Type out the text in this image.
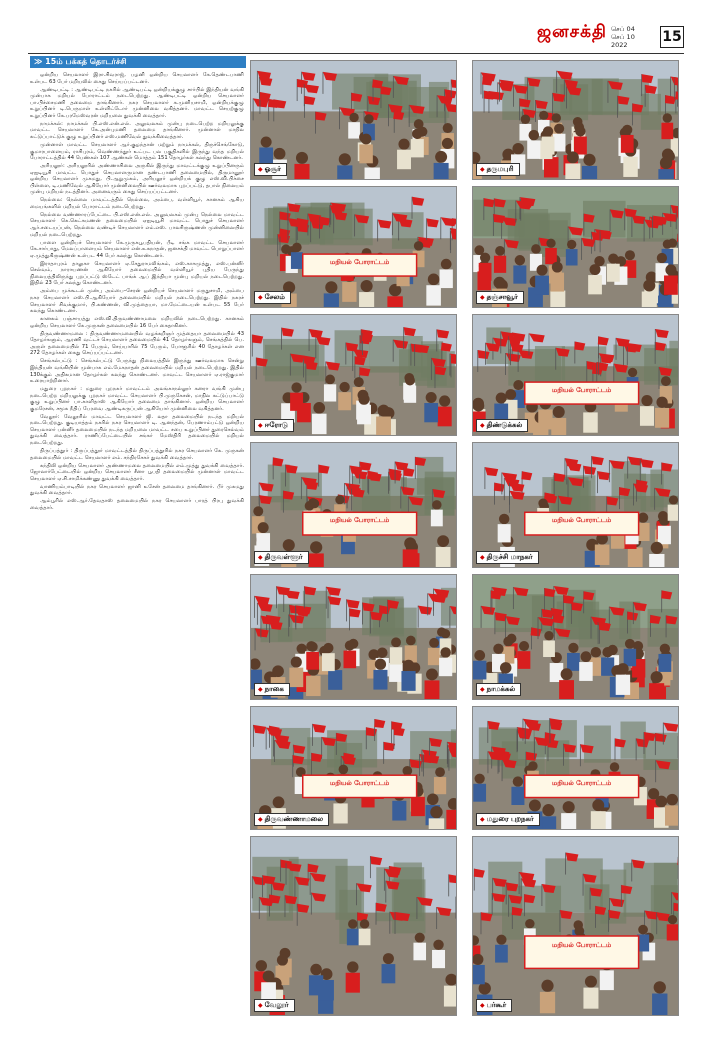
ஜனசக்தி செப் 04
செப் 10
2022	15
≫ 15ம் பக்கத் தொடர்ச்சி

ஒன்றிய செயலாளர் இரா.சிவராஜ், பழனி ஒன்றிய செயலாளர் கே.தெண்டபாணி உள்பட 63 பேர் மறியலில் கைது செய்யப்பட்டனர்.

ஆண்டிபட்டி : ஆண்டிபட்டி நகரில் ஆண்டிபட்டி ஒன்றியக்குழு சார்பில் இந்தியன் வங்கி முன்பாக மறியல் போராட்டம் நடைபெற்றது. ஆண்டிபட்டி ஒன்றிய செயலாளர் பா.பிச்சைமணி தலைமை தாங்கினார். நகர செயலாளர் க.முனியசாமி, ஒன்றியக்குழு உறுப்பினர் டி.பெருமாள் உள்ளிட்டோர் முன்னிலை வகித்தனர். மாவட்ட செயற்குழு உறுப்பினர் கே.பரமேஸ்வரன் மறியலை துவக்கி வைத்தார்.

நாமக்கல்: நாமக்கல் பி.எஸ்.என்.எல். அலுவலகம் முன்பு நடைபெற்ற மறியலுக்கு மாவட்ட செயலாளர் கே.அன்புமணி தலைமை தாங்கினார். முன்னாள் மாநில கட்டுப்பாட்டுக் குழு உறுப்பினர் எஸ்.மணிவேல் துவக்கிவைத்தார்.

முன்னாள் மாவட்ட செயலாளர் ஆர்.குழந்தான் மற்றும் நாமக்கல், திருச்செங்கோடு, குமாரபாளையம், ராசிபுரம், வெண்ணந்தூர் உட்பட பல பகுதிகளில் இருந்து வந்த மறியல் போராட்டத்தில் 44 பெண்கள் 107 ஆண்கள் மொத்தம் 151 தோழர்கள் கலந்து கொண்டனர்.

அரியலூர்: அரியலூரில் அண்ணாசிலை அருகில் இருந்து மாவட்டக்குழு உறுப்பினரும் ஏஐடியூசி மாவட்ட பொதுச் செயலாளருமான தண்டபாணி தலைமையில், திருமானூர் ஒன்றிய செயலாளர் முகமது, பி.ஆறுமுகம், அரியலூர் ஒன்றியக் குழு எஸ்.வி.பிச்சை பிள்ளை, டி.மணிவேல் ஆகியோர் முன்னிலையில் ஊர்வலமாக புறப்பட்டு, தபால் நிலையம் முன்பு மறியல் நடத்தினர். அனைவரும் கைது செய்யப்பட்டனர்.

நெல்லை: நெல்லை மாவட்டத்தில் நெல்லை, அம்பை, வள்ளியூர், கானகம் ஆகிய மையங்களில் மறியல் போராட்டம் நடைபெற்றது.

நெல்லை வண்ணாரப்பேட்டை பி.எஸ்.என்.எல். அலுவலகம் முன்பு நெல்லை மாவட்ட செயலாளர் கெ.கெட்சுமணன் தலைமையில் ஏஐடியூசி மாவட்ட பொதுச் செயலாளர் ஆர்.சடையப்பன், நெல்லை வண்டிச் செயலாளர் எம்.எஸ். பாலசிருஷ்ணன் முன்னிலையில் மறியல் நடைபெற்றது.

பாளை ஒன்றியச் செயலாளர் கே.முருகபூபதியன், பீடி சங்க மாவட்ட செயலாளர் கே.சார்பாது, மேலப்பாளையம் செயலாளர் என்.உகநாதன், ஜனசக்தி மாவட்ட பொறுப்பாளர் ஏ.முத்துகிருஷ்ணன் உள்பட 44 பேர் கலந்து கொண்டனர்.

இராதாபுரம் தாலுகா செயலாளர் ஏ.சேதுராமலிங்கம், எஸ்.காசுமுத்து, எஸ்.பன்னீர் செல்வம், நாராயணன் ஆகியோர் தலைமையில் வள்ளியூர் புதிய பேருந்து நிலையத்திலிருந்து புறப்பட்டு ஸ்டேட் பாங்க் ஆப் இந்தியா முன்பு மறியல் நடைபெற்றது. இதில் 23 பேர் கலந்து கொண்டனர்.

அம்பை முக்கூடல் முன்பு அம்பை–சேரன் ஒன்றியச் செயலாளர் மருதுசாமி, அம்பை நகர செயலாளர் எஸ்.பி.ஆகியோர் தலைமையில் மறியல் நடைபெற்றது. இதில் நகரச் செயலாளர் சிவக்குமார், பி.கண்ணன், வி.முத்தையா, மா.மேட்டையன் உள்பட 55 பேர் கலந்து கொண்டனர்.

கானகம் பஞ்சாயத்து எஸ்.வி.திருவண்ணாமலை மறியலில் நடைபெற்றது. கானகம் ஒன்றிய செயலாளர் கே.முருகன் தலைமையில் 16 பேர் கைதாகினர்.

திருவண்ணாமலை : திருவண்ணாமலையில் வழக்கறிஞர் முத்தையா தலைமையில் 43 தோழர்களும், ஆரணி வட்டச் செயலாளர் தலைமையில் 41 தோழர்களும், செங்கத்தில் பெ. அருள் தலைமையில் 71 பேரும், செய்யாரில் 75 பேரும், போளூரில் 40 தோழர்கள் என 272 தோழர்கள் கைது செய்யப்பட்டனர்.

செங்கல்பட்டு : செங்கல்பட்டு பேருந்து நிலையத்தில் இருந்து ஊர்வலமாக சென்று இந்தியன் வங்கியின் முன்பாக எம்.மேகநாதன் தலைமையில் மறியல் நடைபெற்றது. இதில் 130க்கும் அதிகமான தோழர்கள் கலந்து கொண்டனர். மாவட்ட செயலாளர் ஏ.ராஜ்குமார் உரையாற்றினார்.

மதுரை புறநகர் : மதுரை புறநகர் மாவட்டம் அலங்காநல்லூர் கனரா வங்கி முன்பு நடைபெற்ற மறியலுக்கு புறநகர் மாவட்ட செயலாளர் பி.முருகேசன், மாநில கட்டுப்பாட்டு குழு உறுப்பினர் பா.காளிதாஸ் ஆகியோர் தலைமை தாங்கினார். ஒன்றிய செயலாளர் குமரேசன், சமூக நீதிப் பேரவை ஆண்டிகருப்பன் ஆகியோர் முன்னிலை வகித்தனர்.

வேலூர்: வேலூரில் மாவட்ட செயலாளர் ஜி. லதா தலைமையில் நடந்த மறியல் நடைபெற்றது. குடியாத்தம் நகரில் நகர செயலாளர் டி. ஆனந்தன், பேரணாம்பட்டு ஒன்றிய செயலாளர் பன்னீர் தலைமையில் நடந்த மறியலை மாவட்ட சபை உறுப்பினர் துரைசெல்வம் துவக்கி வைத்தார். ராணிப்பேட்டையில் சங்கர் மேஸ்திரி தலைமையில் மறியல் நடைபெற்றது.

திருப்பத்தூர் : திருப்பத்தூர் மாவட்டத்தில் திருப்பத்தூரில் நகர செயலாளர் கே. முருகன் தலைமையில் மாவட்ட செயலாளர் எம். சந்திரசேகர் துவக்கி வைத்தார்.

கந்திலி ஒன்றிய செயலாளர் அண்ணாமலை தலைமையில் எம்.முத்து துவக்கி வைத்தார். ஜோலார்பேட்டையில் ஒன்றிய செயலாளர் சீனா பூபதி தலைமையில் முன்னாள் மாவட்ட செயலாளர் ஏ.சி.சாமிக்கண்ணு துவக்கி வைத்தார்.

வாணியம்பாடியில் நகர செயலாளர் ஜானி உசேன் தலைமை தாங்கினார். பீர் முகமது துவக்கி வைத்தார்.

ஆம்பூரில் எஸ்.ஆர்.தேவதாஸ் தலைமையில் நகர செயலாளர் பாரத் பிரபு துவக்கி வைத்தார்.

◆ ஓசூர்	◆ தருமபுரி
மறியல் போராட்டம்
◆ சேலம்	◆ தஞ்சாவூர்
◆ ஈரோடு
மறியல் போராட்டம்
◆ திண்டுக்கல்
மறியல் போராட்டம்
◆ திருவள்ளூர்
மறியல் போராட்டம்
◆ திருச்சி மாநகர்
◆ நாகை	◆ நாமக்கல்
மறியல் போராட்டம்
◆ திருவண்ணாமலை
மறியல் போராட்டம்
◆ மதுரை புறநகர்
◆ வேலூர்
மறியல் போராட்டம்
◆ பர்கூர்
